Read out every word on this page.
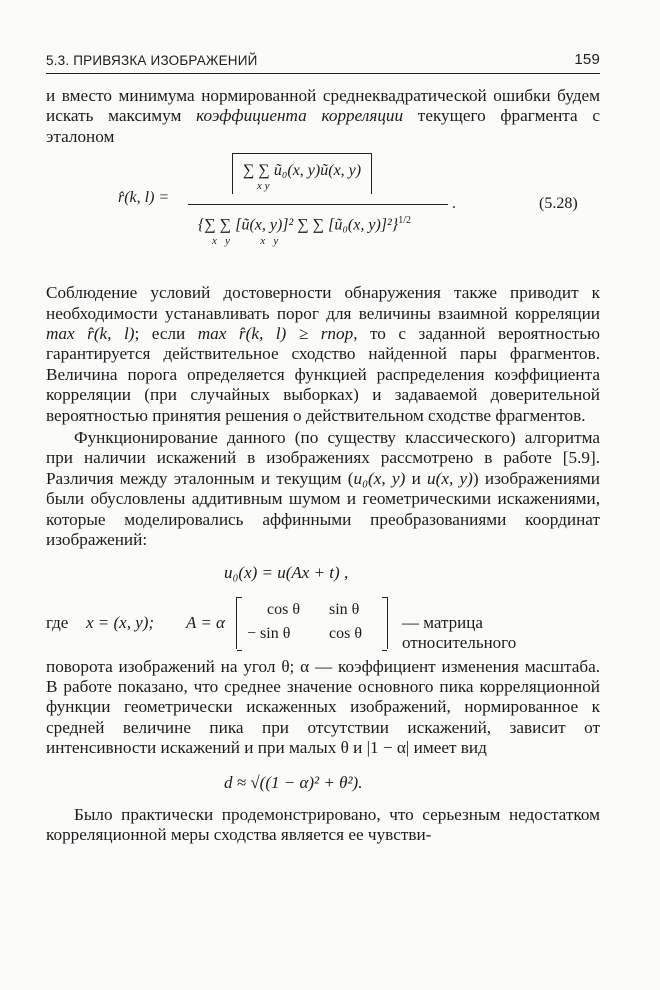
5.3. ПРИВЯЗКА ИЗОБРАЖЕНИЙ	159

и вместо минимума нормированной среднеквадратической ошибки будем искать максимум коэффициента корреляции текущего фрагмента с эталоном

r̂(k, l) =
∑ ∑ ũ₀(x, y)ũ(x, y)
x y
{∑ ∑ [ũ(x, y)]² ∑ ∑ [ũ₀(x, y)]²}$^{1/2}$
x   y           x   y
.	(5.28)

Соблюдение условий достоверности обнаружения также приводит к необходимости устанавливать порог для величины взаимной корреляции max r̂(k, l); если max r̂(k, l) ≥ rпор, то с заданной вероятностью гарантируется действительное сходство найденной пары фрагментов. Величина порога определяется функцией распределения коэффициента корреляции (при случайных выборках) и задаваемой доверительной вероятностью принятия решения о действительном сходстве фрагментов.

Функционирование данного (по существу классического) алгоритма при наличии искажений в изображениях рассмотрено в работе [5.9]. Различия между эталонным и текущим (u₀(x, y) и u(x, y)) изображениями были обусловлены аддитивным шумом и геометрическими искажениями, которые моделировались аффинными преобразованиями координат изображений:

u₀(x) = u(Ax + t) ,
где x = (x, y); A = α
cos θ sin θ
− sin θ cos θ
— матрица относительного

поворота изображений на угол θ; α — коэффициент изменения масштаба. В работе показано, что среднее значение основного пика корреляционной функции геометрически искаженных изображений, нормированное к средней величине пика при отсутствии искажений, зависит от интенсивности искажений и при малых θ и |1 − α| имеет вид

d ≈ √((1 − α)² + θ²).

Было практически продемонстрировано, что серьезным недостатком корреляционной меры сходства является ее чувстви-
